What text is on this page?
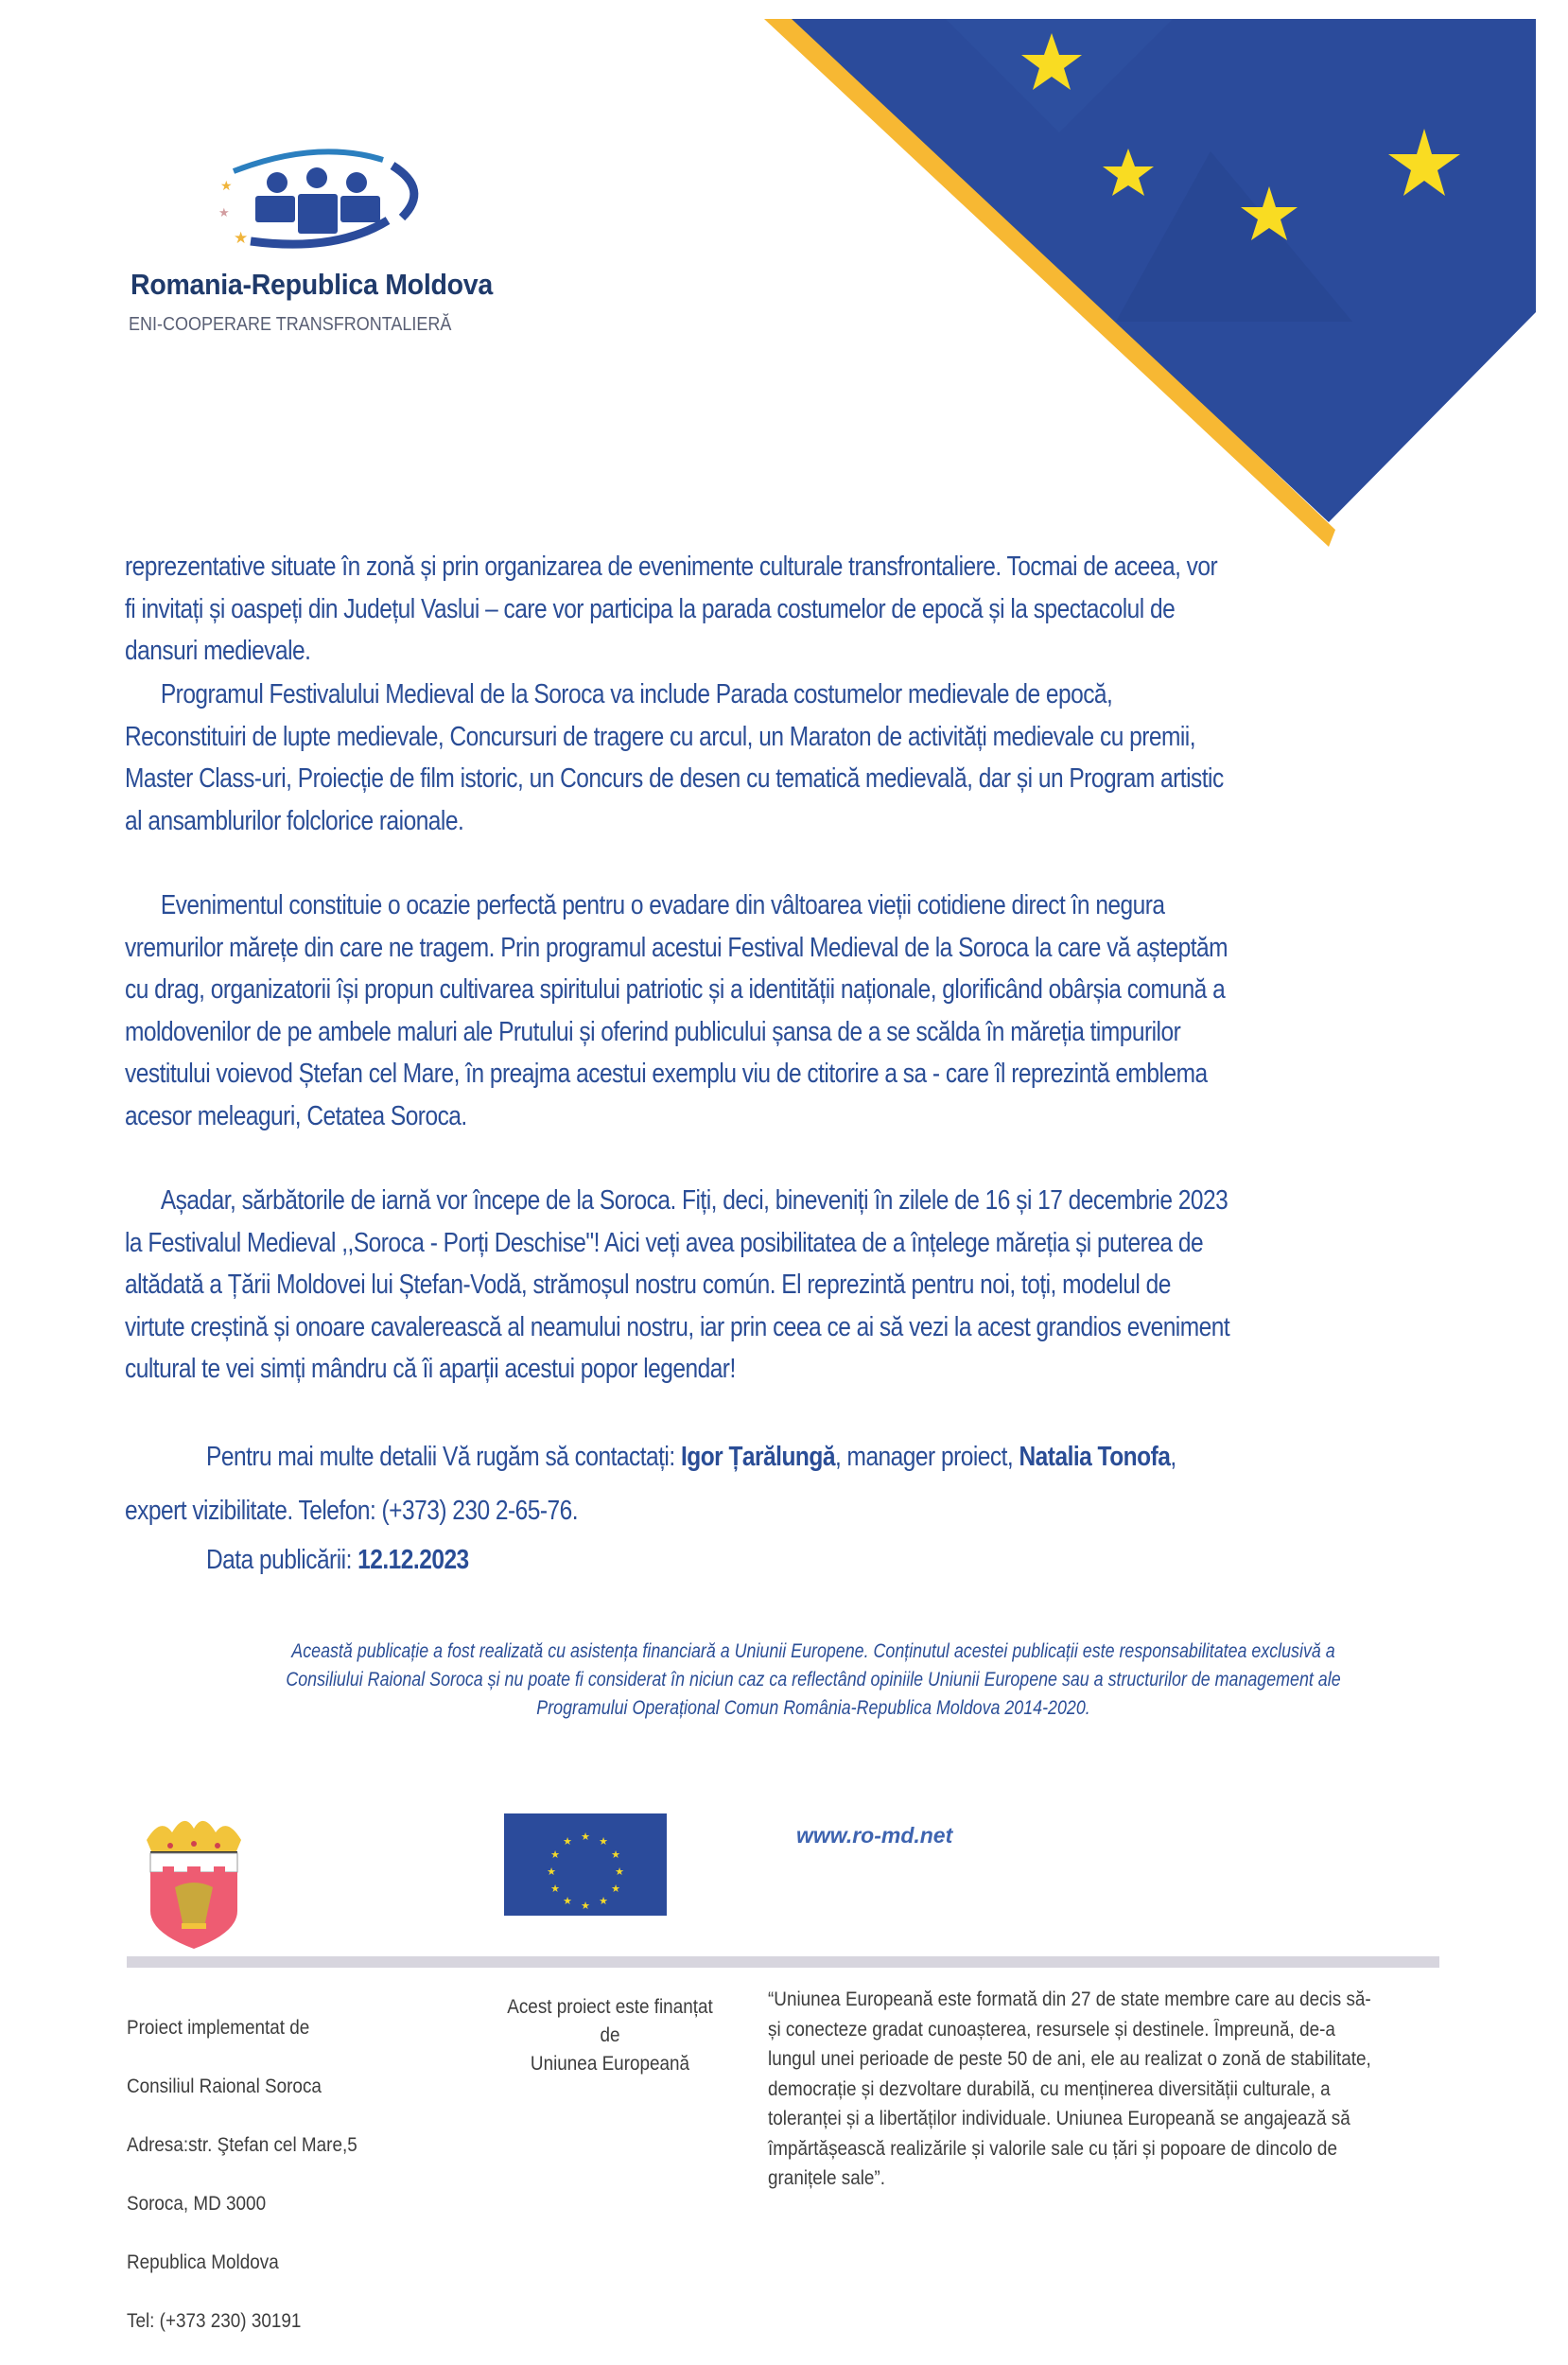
★
★
★
Romania-Republica Moldova
ENI-COOPERARE TRANSFRONTALIERĂ
reprezentative situate în zonă și prin organizarea de evenimente culturale transfrontaliere. Tocmai de aceea, vor
fi invitați și oaspeți din Județul Vaslui – care vor participa la parada costumelor de epocă și la spectacolul de
dansuri medievale.
Programul Festivalului Medieval de la Soroca va include Parada costumelor medievale de epocă,
Reconstituiri de lupte medievale, Concursuri de tragere cu arcul, un Maraton de activități medievale cu premii,
Master Class-uri, Proiecție de film istoric, un Concurs de desen cu tematică medievală, dar și un Program artistic
al ansamblurilor folclorice raionale.
Evenimentul constituie o ocazie perfectă pentru o evadare din vâltoarea vieții cotidiene direct în negura
vremurilor mărețe din care ne tragem. Prin programul acestui Festival Medieval de la Soroca la care vă așteptăm
cu drag, organizatorii își propun cultivarea spiritului patriotic și a identității naționale, glorificând obârșia comună a
moldovenilor de pe ambele maluri ale Prutului și oferind publicului șansa de a se scălda în măreția timpurilor
vestitului voievod Ștefan cel Mare, în preajma acestui exemplu viu de ctitorire a sa - care îl reprezintă emblema
acesor meleaguri, Cetatea Soroca.
Așadar, sărbătorile de iarnă vor începe de la Soroca. Fiți, deci, bineveniți în zilele de 16 și 17 decembrie 2023
la Festivalul Medieval ,,Soroca - Porți Deschise"! Aici veți avea posibilitatea de a înțelege măreția și puterea de
altădată a Țării Moldovei lui Ștefan-Vodă, strămoșul nostru común. El reprezintă pentru noi, toți, modelul de
virtute creștină și onoare cavalerească al neamului nostru, iar prin ceea ce ai să vezi la acest grandios eveniment
cultural te vei simți mândru că îi aparții acestui popor legendar!
Pentru mai multe detalii Vă rugăm să contactați: Igor Țarălungă, manager proiect, Natalia Tonofa,
expert vizibilitate. Telefon: (+373) 230 2-65-76.
Data publicării: 12.12.2023
Această publicație a fost realizată cu asistența financiară a Uniunii Europene. Conținutul acestei publicații este responsabilitatea exclusivă a
Consiliului Raional Soroca și nu poate fi considerat în niciun caz ca reflectând opiniile Uniunii Europene sau a structurilor de management ale
Programului Operațional Comun România-Republica Moldova 2014-2020.
★ ★
★
★
★
★
★
★
★
★
★
★	www.ro-md.net

Proiect implementat de

Consiliul Raional Soroca

Adresa:str. Ştefan cel Mare,5

Soroca, MD 3000

Republica Moldova

Tel: (+373 230) 30191

Acest proiect este finanțat
de
Uniunea Europeană
“Uniunea Europeană este formată din 27 de state membre care au decis să-
și conecteze gradat cunoașterea, resursele și destinele. Împreună, de-a
lungul unei perioade de peste 50 de ani, ele au realizat o zonă de stabilitate,
democrație și dezvoltare durabilă, cu menținerea diversității culturale, a
toleranței și a libertăților individuale. Uniunea Europeană se angajează să
împărtășească realizările și valorile sale cu țări și popoare de dincolo de
granițele sale”.
